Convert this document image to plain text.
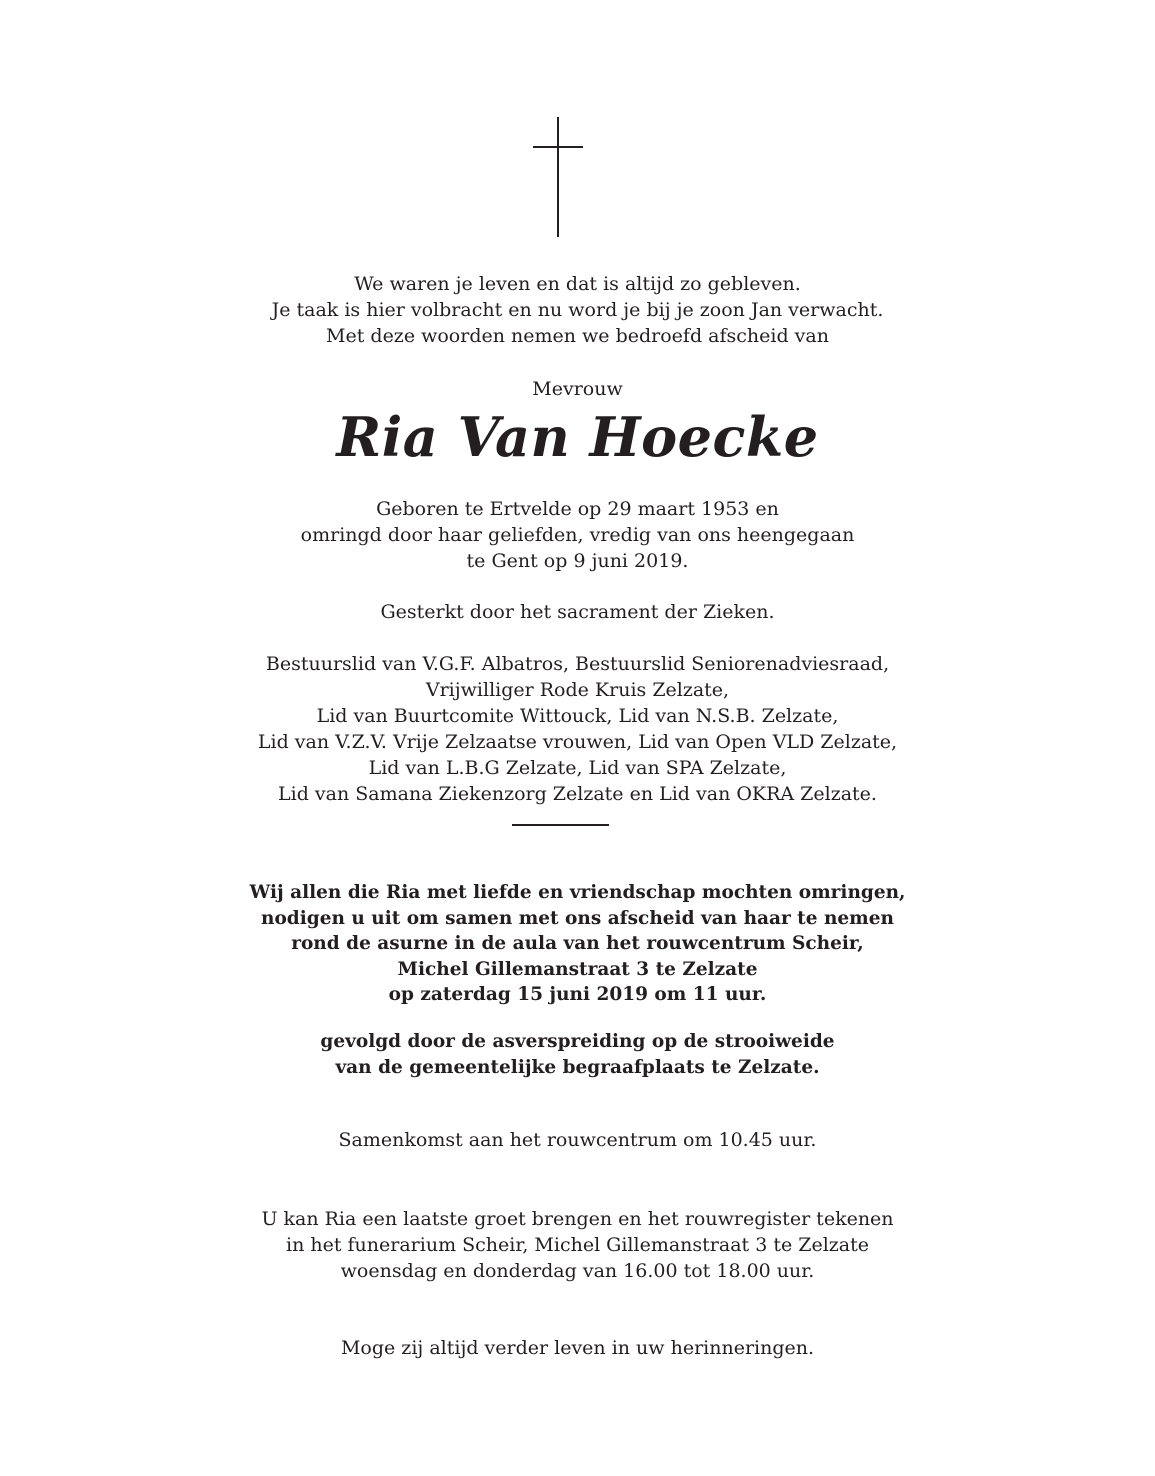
We waren je leven en dat is altijd zo gebleven.
Je taak is hier volbracht en nu word je bij je zoon Jan verwacht.
Met deze woorden nemen we bedroefd afscheid van
Mevrouw
Ria Van Hoecke
Geboren te Ertvelde op 29 maart 1953 en
omringd door haar geliefden, vredig van ons heengegaan
te Gent op 9 juni 2019.
Gesterkt door het sacrament der Zieken.
Bestuurslid van V.G.F. Albatros, Bestuurslid Seniorenadviesraad,
Vrijwilliger Rode Kruis Zelzate,
Lid van Buurtcomite Wittouck, Lid van N.S.B. Zelzate,
Lid van V.Z.V. Vrije Zelzaatse vrouwen, Lid van Open VLD Zelzate,
Lid van L.B.G Zelzate, Lid van SPA Zelzate,
Lid van Samana Ziekenzorg Zelzate en Lid van OKRA Zelzate.
Wij allen die Ria met liefde en vriendschap mochten omringen,
nodigen u uit om samen met ons afscheid van haar te nemen
rond de asurne in de aula van het rouwcentrum Scheir,
Michel Gillemanstraat 3 te Zelzate
op zaterdag 15 juni 2019 om 11 uur.
gevolgd door de asverspreiding op de strooiweide
van de gemeentelijke begraafplaats te Zelzate.
Samenkomst aan het rouwcentrum om 10.45 uur.
U kan Ria een laatste groet brengen en het rouwregister tekenen
in het funerarium Scheir, Michel Gillemanstraat 3 te Zelzate
woensdag en donderdag van 16.00 tot 18.00 uur.
Moge zij altijd verder leven in uw herinneringen.
